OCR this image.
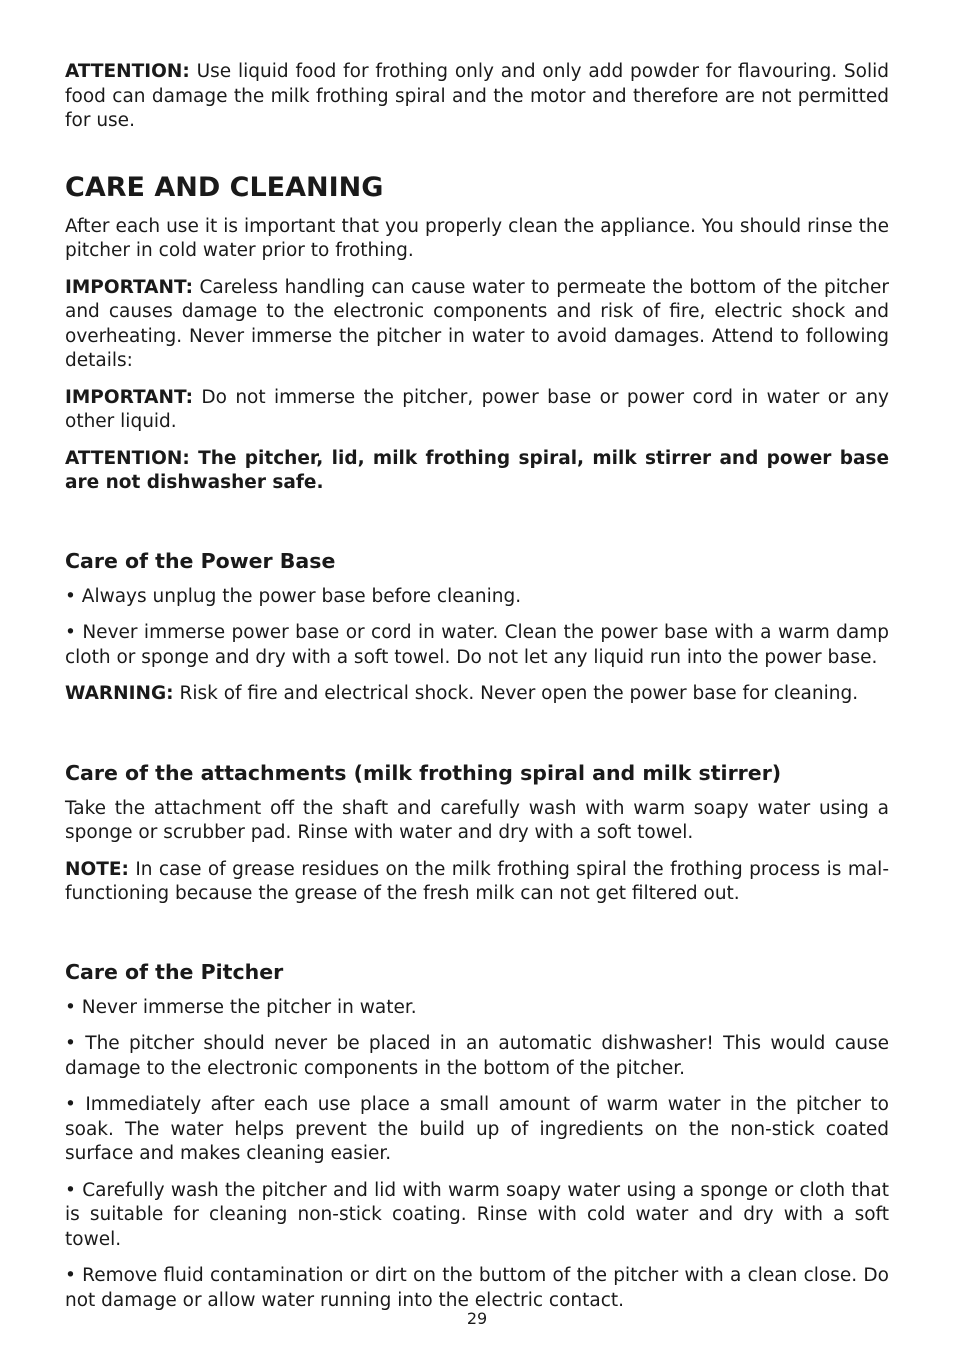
ATTENTION: Use liquid food for frothing only and only add powder for flavouring. Solid food can damage the milk frothing spiral and the motor and therefore are not permitted for use.

CARE AND CLEANING

After each use it is important that you properly clean the appliance. You should rinse the pitcher in cold water prior to frothing.

IMPORTANT: Careless handling can cause water to permeate the bottom of the pitcher and causes damage to the electronic components and risk of fire, electric shock and overheating. Never immerse the pitcher in water to avoid damages. Attend to following details:

IMPORTANT: Do not immerse the pitcher, power base or power cord in water or any other liquid.

ATTENTION: The pitcher, lid, milk frothing spiral, milk stirrer and power base are not dishwasher safe.

Care of the Power Base

• Always unplug the power base before cleaning.

• Never immerse power base or cord in water. Clean the power base with a warm damp cloth or sponge and dry with a soft towel. Do not let any liquid run into the power base.

WARNING: Risk of fire and electrical shock. Never open the power base for cleaning.

Care of the attachments (milk frothing spiral and milk stirrer)

Take the attachment off the shaft and carefully wash with warm soapy water using a sponge or scrubber pad. Rinse with water and dry with a soft towel.

NOTE: In case of grease residues on the milk frothing spiral the frothing process is mal-functioning because the grease of the fresh milk can not get filtered out.

Care of the Pitcher

• Never immerse the pitcher in water.

• The pitcher should never be placed in an automatic dishwasher! This would cause damage to the electronic components in the bottom of the pitcher.

• Immediately after each use place a small amount of warm water in the pitcher to soak. The water helps prevent the build up of ingredients on the non-stick coated surface and makes cleaning easier.

• Carefully wash the pitcher and lid with warm soapy water using a sponge or cloth that is suitable for cleaning non-stick coating. Rinse with cold water and dry with a soft towel.

• Remove fluid contamination or dirt on the buttom of the pitcher with a clean close. Do not damage or allow water running into the electric contact.

29
